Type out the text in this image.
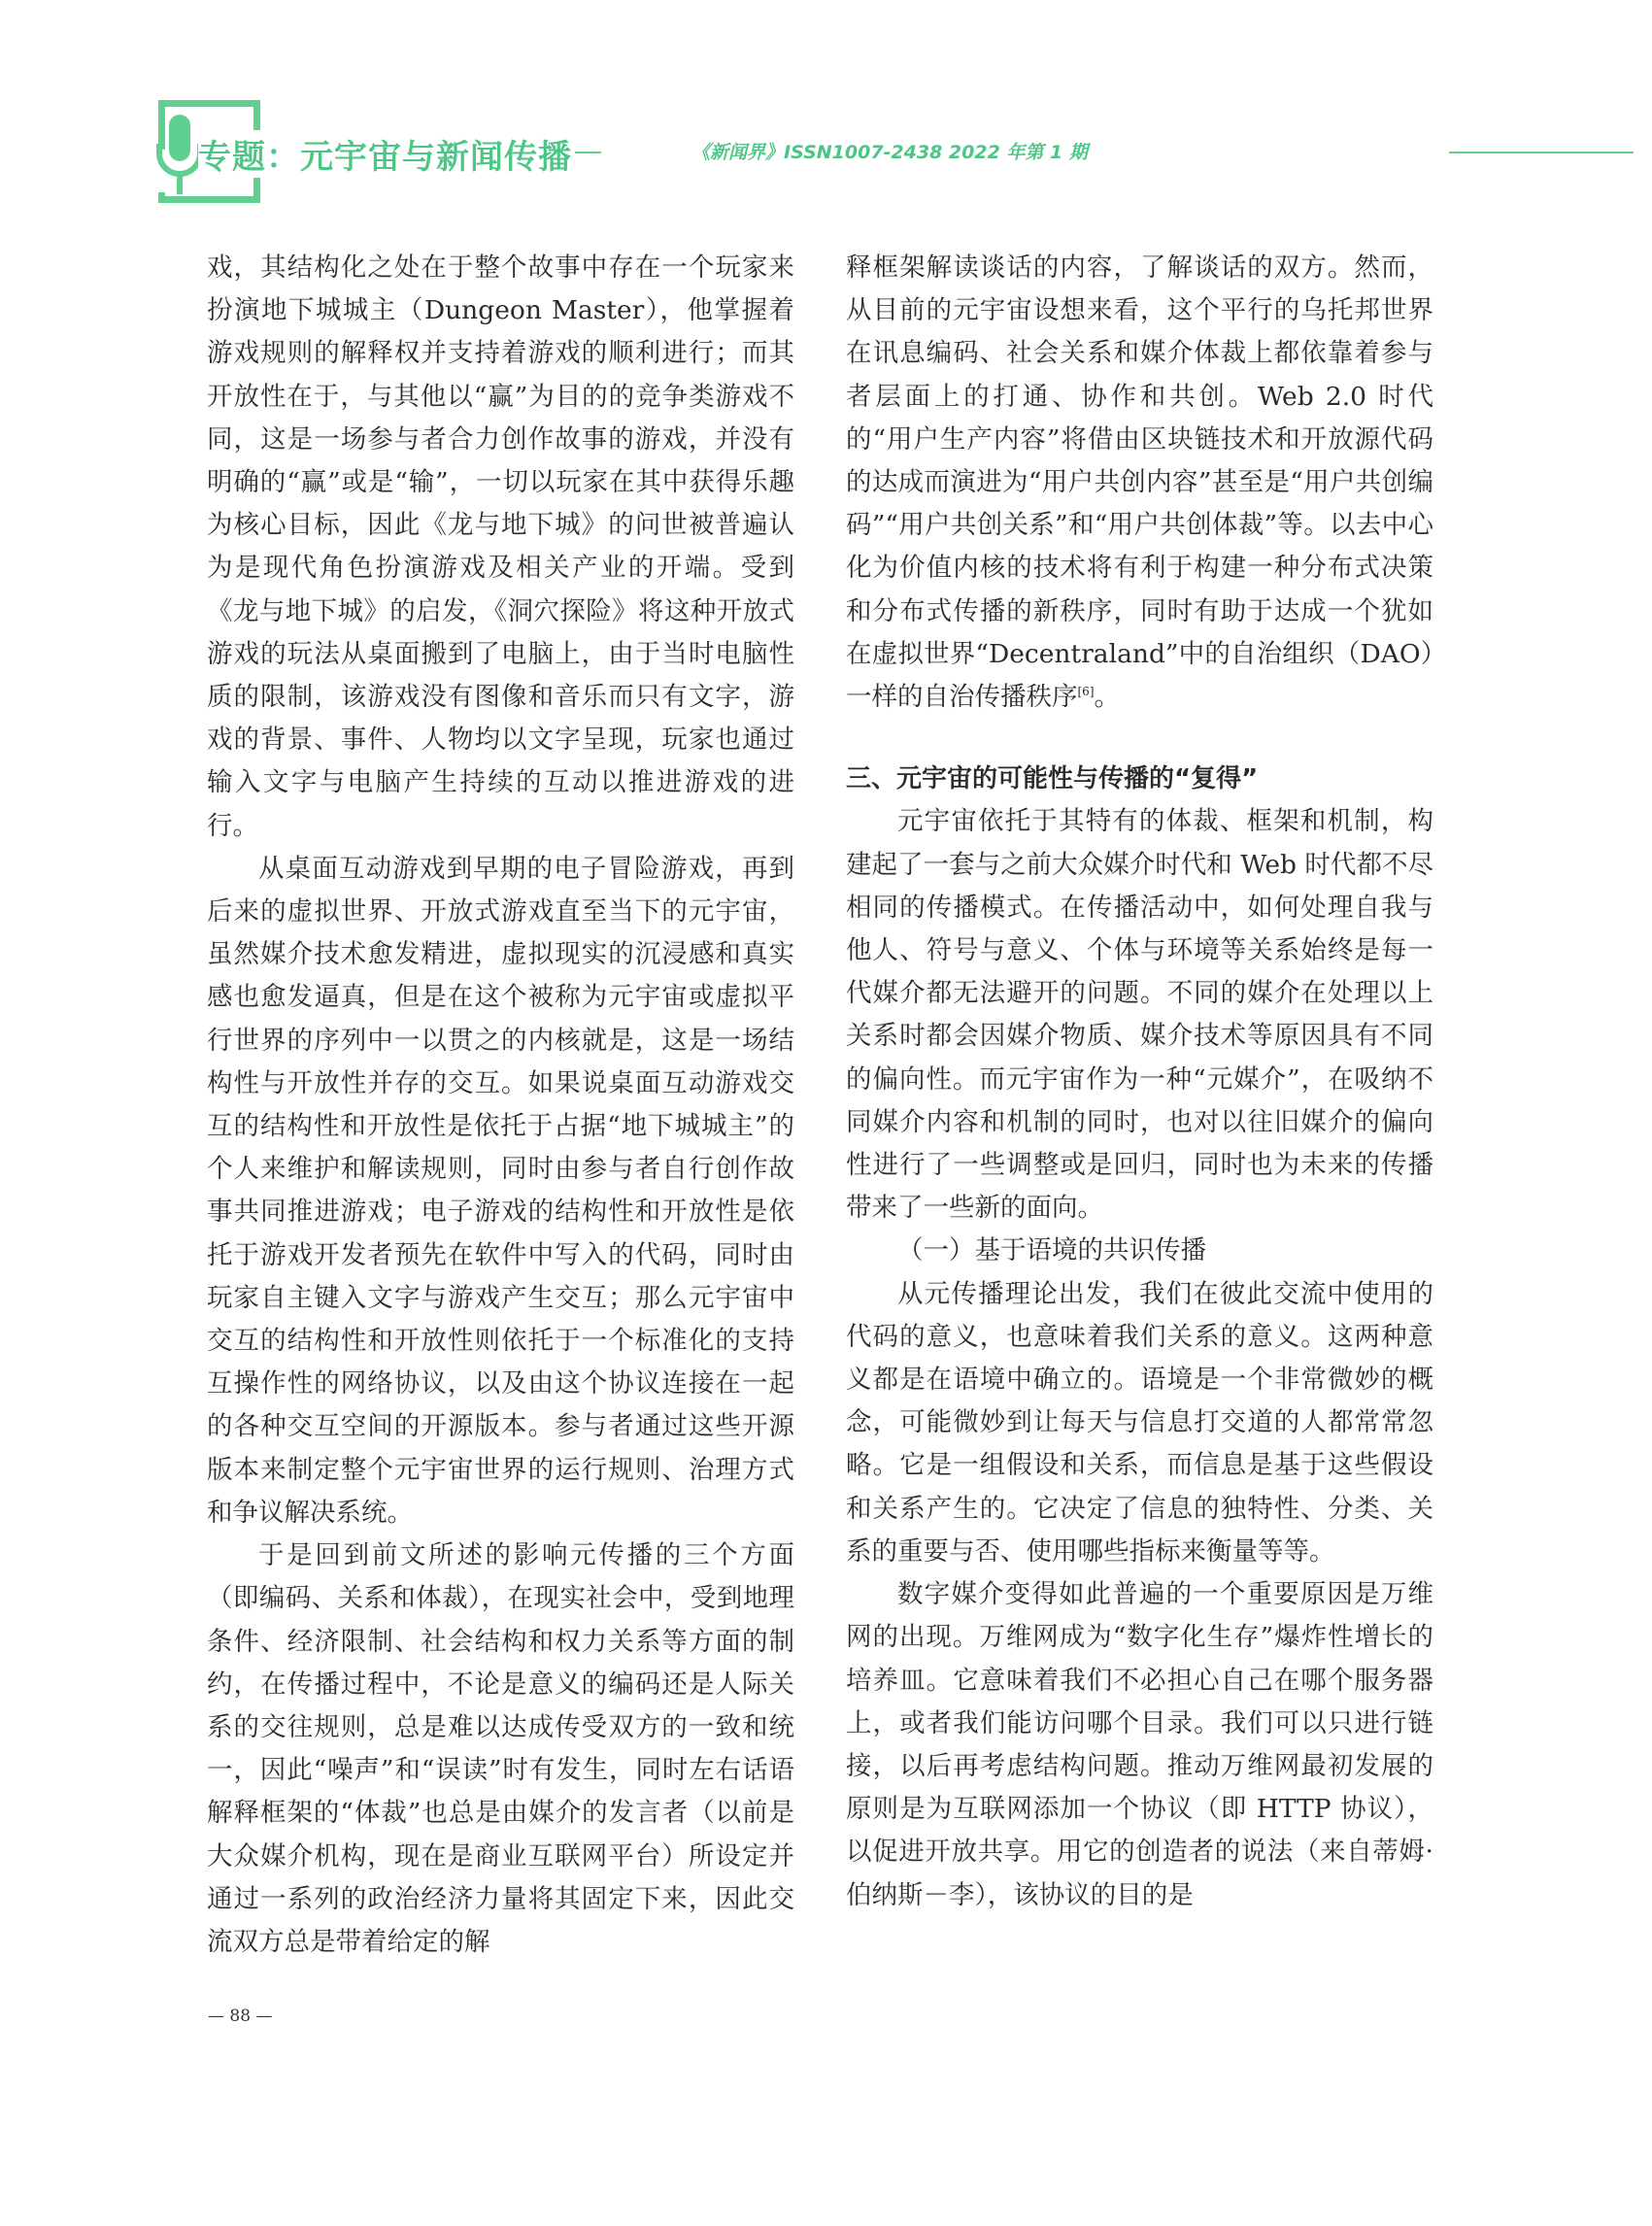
专题：元宇宙与新闻传播	《新闻界》ISSN1007-2438 2022 年第 1 期

戏，其结构化之处在于整个故事中存在一个玩家来扮演地下城城主（Dungeon Master），他掌握着游戏规则的解释权并支持着游戏的顺利进行；而其开放性在于，与其他以“赢”为目的的竞争类游戏不同，这是一场参与者合力创作故事的游戏，并没有明确的“赢”或是“输”，一切以玩家在其中获得乐趣为核心目标，因此《龙与地下城》的问世被普遍认为是现代角色扮演游戏及相关产业的开端。受到《龙与地下城》的启发，《洞穴探险》将这种开放式游戏的玩法从桌面搬到了电脑上，由于当时电脑性质的限制，该游戏没有图像和音乐而只有文字，游戏的背景、事件、人物均以文字呈现，玩家也通过输入文字与电脑产生持续的互动以推进游戏的进行。

从桌面互动游戏到早期的电子冒险游戏，再到后来的虚拟世界、开放式游戏直至当下的元宇宙，虽然媒介技术愈发精进，虚拟现实的沉浸感和真实感也愈发逼真，但是在这个被称为元宇宙或虚拟平行世界的序列中一以贯之的内核就是，这是一场结构性与开放性并存的交互。如果说桌面互动游戏交互的结构性和开放性是依托于占据“地下城城主”的个人来维护和解读规则，同时由参与者自行创作故事共同推进游戏；电子游戏的结构性和开放性是依托于游戏开发者预先在软件中写入的代码，同时由玩家自主键入文字与游戏产生交互；那么元宇宙中交互的结构性和开放性则依托于一个标准化的支持互操作性的网络协议，以及由这个协议连接在一起的各种交互空间的开源版本。参与者通过这些开源版本来制定整个元宇宙世界的运行规则、治理方式和争议解决系统。

于是回到前文所述的影响元传播的三个方面（即编码、关系和体裁），在现实社会中，受到地理条件、经济限制、社会结构和权力关系等方面的制约，在传播过程中，不论是意义的编码还是人际关系的交往规则，总是难以达成传受双方的一致和统一，因此“噪声”和“误读”时有发生，同时左右话语解释框架的“体裁”也总是由媒介的发言者（以前是大众媒介机构，现在是商业互联网平台）所设定并通过一系列的政治经济力量将其固定下来，因此交流双方总是带着给定的解

释框架解读谈话的内容，了解谈话的双方。然而，从目前的元宇宙设想来看，这个平行的乌托邦世界在讯息编码、社会关系和媒介体裁上都依靠着参与者层面上的打通、协作和共创。Web 2.0 时代的“用户生产内容”将借由区块链技术和开放源代码的达成而演进为“用户共创内容”甚至是“用户共创编码”“用户共创关系”和“用户共创体裁”等。以去中心化为价值内核的技术将有利于构建一种分布式决策和分布式传播的新秩序，同时有助于达成一个犹如在虚拟世界“Decentraland”中的自治组织（DAO）一样的自治传播秩序[6]。

三、元宇宙的可能性与传播的“复得”

元宇宙依托于其特有的体裁、框架和机制，构建起了一套与之前大众媒介时代和 Web 时代都不尽相同的传播模式。在传播活动中，如何处理自我与他人、符号与意义、个体与环境等关系始终是每一代媒介都无法避开的问题。不同的媒介在处理以上关系时都会因媒介物质、媒介技术等原因具有不同的偏向性。而元宇宙作为一种“元媒介”，在吸纳不同媒介内容和机制的同时，也对以往旧媒介的偏向性进行了一些调整或是回归，同时也为未来的传播带来了一些新的面向。

（一）基于语境的共识传播

从元传播理论出发，我们在彼此交流中使用的代码的意义，也意味着我们关系的意义。这两种意义都是在语境中确立的。语境是一个非常微妙的概念，可能微妙到让每天与信息打交道的人都常常忽略。它是一组假设和关系，而信息是基于这些假设和关系产生的。它决定了信息的独特性、分类、关系的重要与否、使用哪些指标来衡量等等。

数字媒介变得如此普遍的一个重要原因是万维网的出现。万维网成为“数字化生存”爆炸性增长的培养皿。它意味着我们不必担心自己在哪个服务器上，或者我们能访问哪个目录。我们可以只进行链接，以后再考虑结构问题。推动万维网最初发展的原则是为互联网添加一个协议（即 HTTP 协议），以促进开放共享。用它的创造者的说法（来自蒂姆·伯纳斯－李），该协议的目的是

— 88 —
